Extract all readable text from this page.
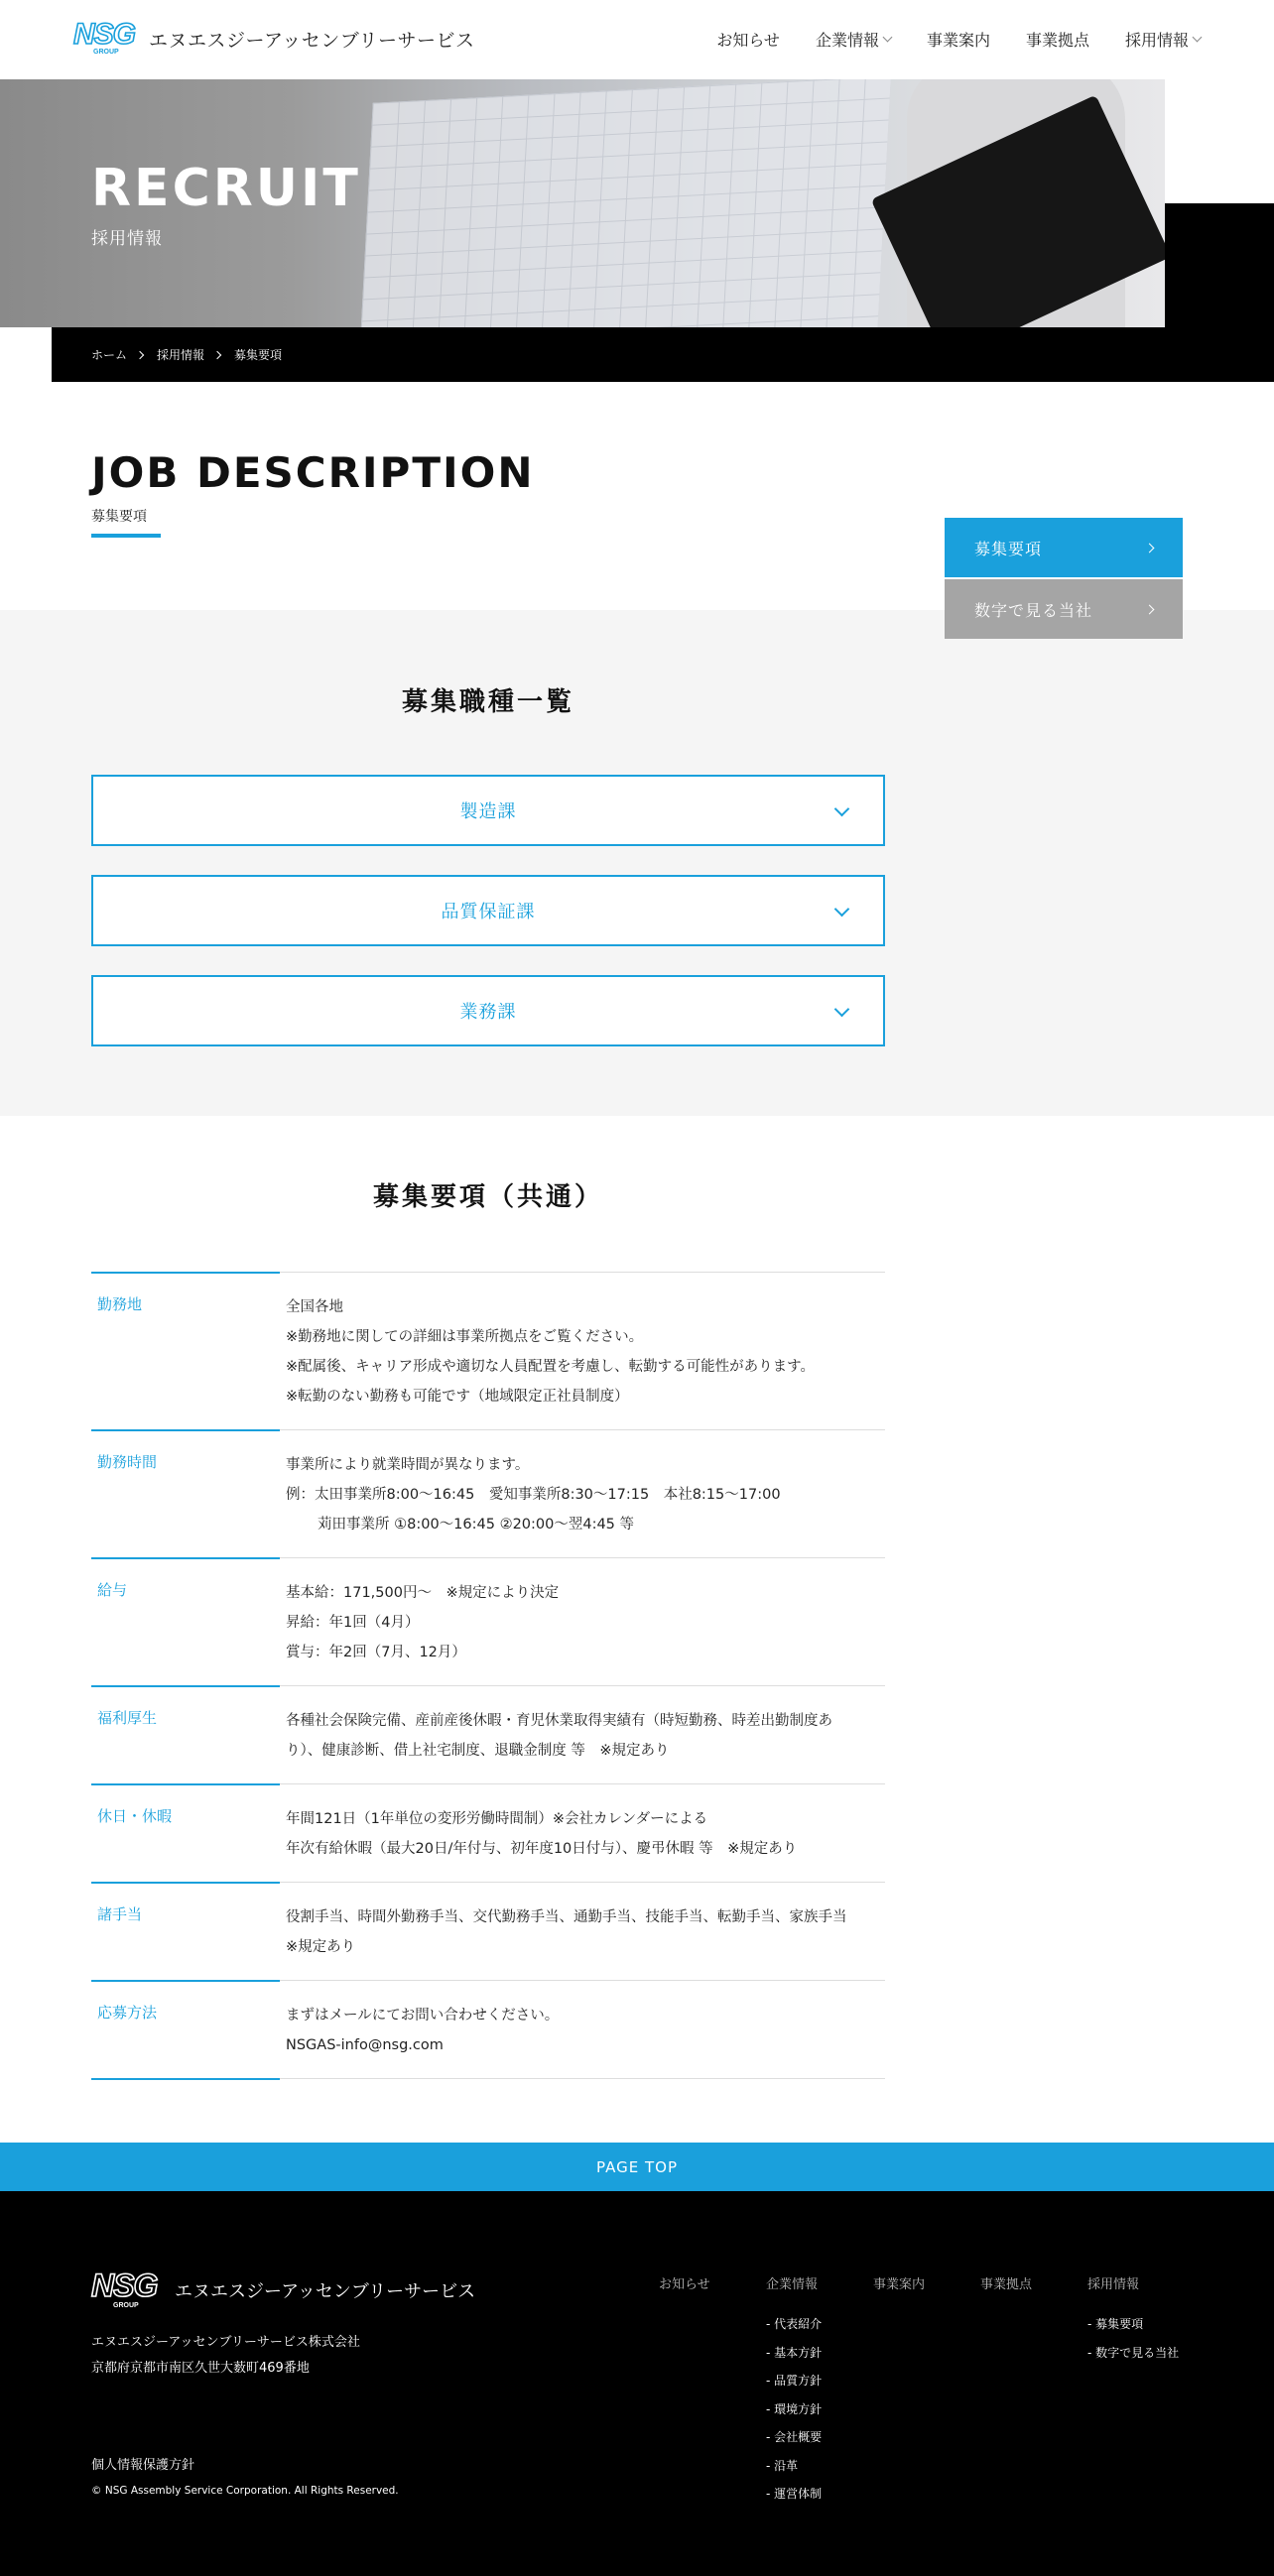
NSG
GROUP
エヌエスジーアッセンブリーサービス	お知らせ 企業情報	事業案内 事業拠点 採用情報
RECRUIT
採用情報
ホーム	採用情報	募集要項
JOB DESCRIPTION
募集要項
募集職種一覧
製造課
品質保証課
業務課
募集要項
数字で見る当社
募集要項（共通）
勤務地	全国各地
※勤務地に関しての詳細は事業所拠点をご覧ください。
※配属後、キャリア形成や適切な人員配置を考慮し、転勤する可能性があります。
※転勤のない勤務も可能です（地域限定正社員制度）
勤務時間	事業所により就業時間が異なります。
例：太田事業所8:00〜16:45　愛知事業所8:30〜17:15　本社8:15〜17:00
苅田事業所 ①8:00〜16:45 ②20:00〜翌4:45 等
給与	基本給：171,500円〜　※規定により決定
昇給：年1回（4月）
賞与：年2回（7月、12月）
福利厚生	各種社会保険完備、産前産後休暇・育児休業取得実績有（時短勤務、時差出勤制度あ
り）、健康診断、借上社宅制度、退職金制度 等　※規定あり
休日・休暇	年間121日（1年単位の変形労働時間制）※会社カレンダーによる
年次有給休暇（最大20日/年付与、初年度10日付与）、慶弔休暇 等　※規定あり
諸手当	役割手当、時間外勤務手当、交代勤務手当、通勤手当、技能手当、転勤手当、家族手当
※規定あり
応募方法	まずはメールにてお問い合わせください。
NSGAS-info@nsg.com
PAGE TOP
NSG
GROUP
エヌエスジーアッセンブリーサービス
エヌエスジーアッセンブリーサービス株式会社
京都府京都市南区久世大薮町469番地
個人情報保護方針
© NSG Assembly Service Corporation. All Rights Reserved.
お知らせ	企業情報
- 代表紹介
- 基本方針
- 品質方針
- 環境方針
- 会社概要
- 沿革
- 運営体制
事業案内	事業拠点	採用情報
- 募集要項
- 数字で見る当社
